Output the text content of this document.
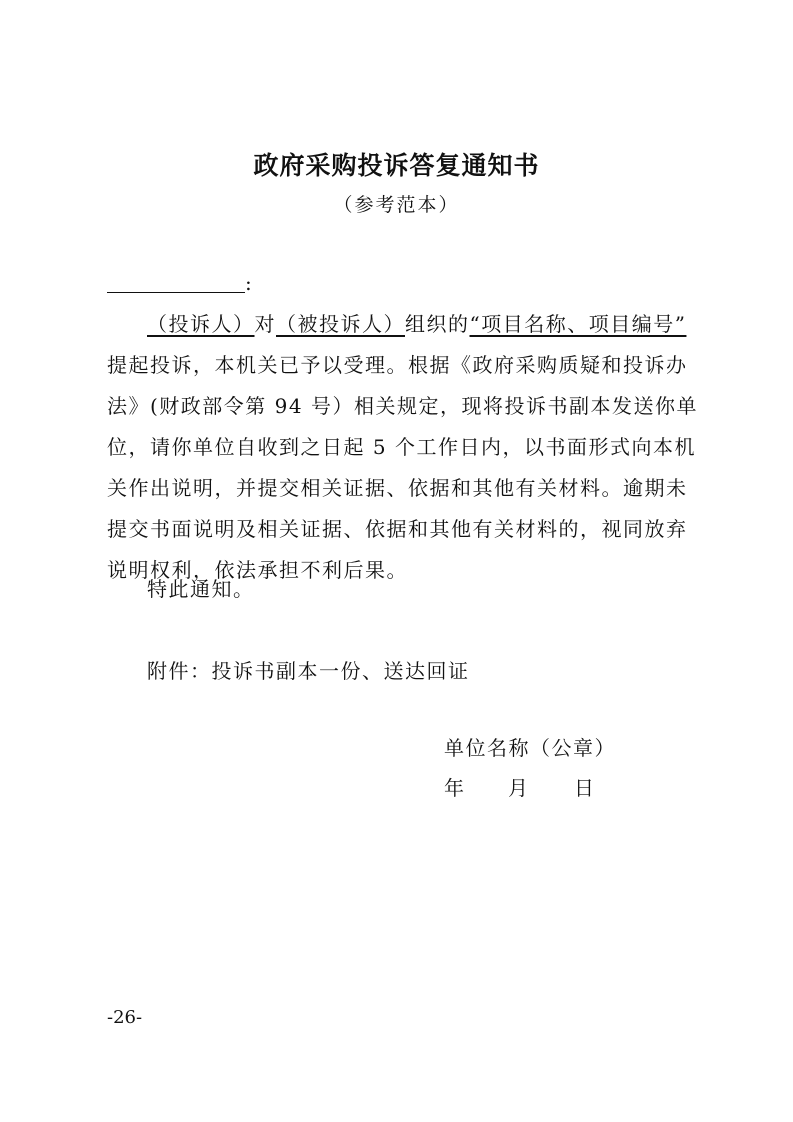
政府采购投诉答复通知书
（参考范本）
:
（投诉人）对（被投诉人）组织的“项目名称、项目编号”
提起投诉，本机关已予以受理。根据《政府采购质疑和投诉办
法》(财政部令第 94 号）相关规定，现将投诉书副本发送你单
位，请你单位自收到之日起 5 个工作日内，以书面形式向本机
关作出说明，并提交相关证据、依据和其他有关材料。逾期未
提交书面说明及相关证据、依据和其他有关材料的，视同放弃
说明权利，依法承担不利后果。
特此通知。
附件：投诉书副本一份、送达回证
单位名称（公章）
年 月 日
-26-
